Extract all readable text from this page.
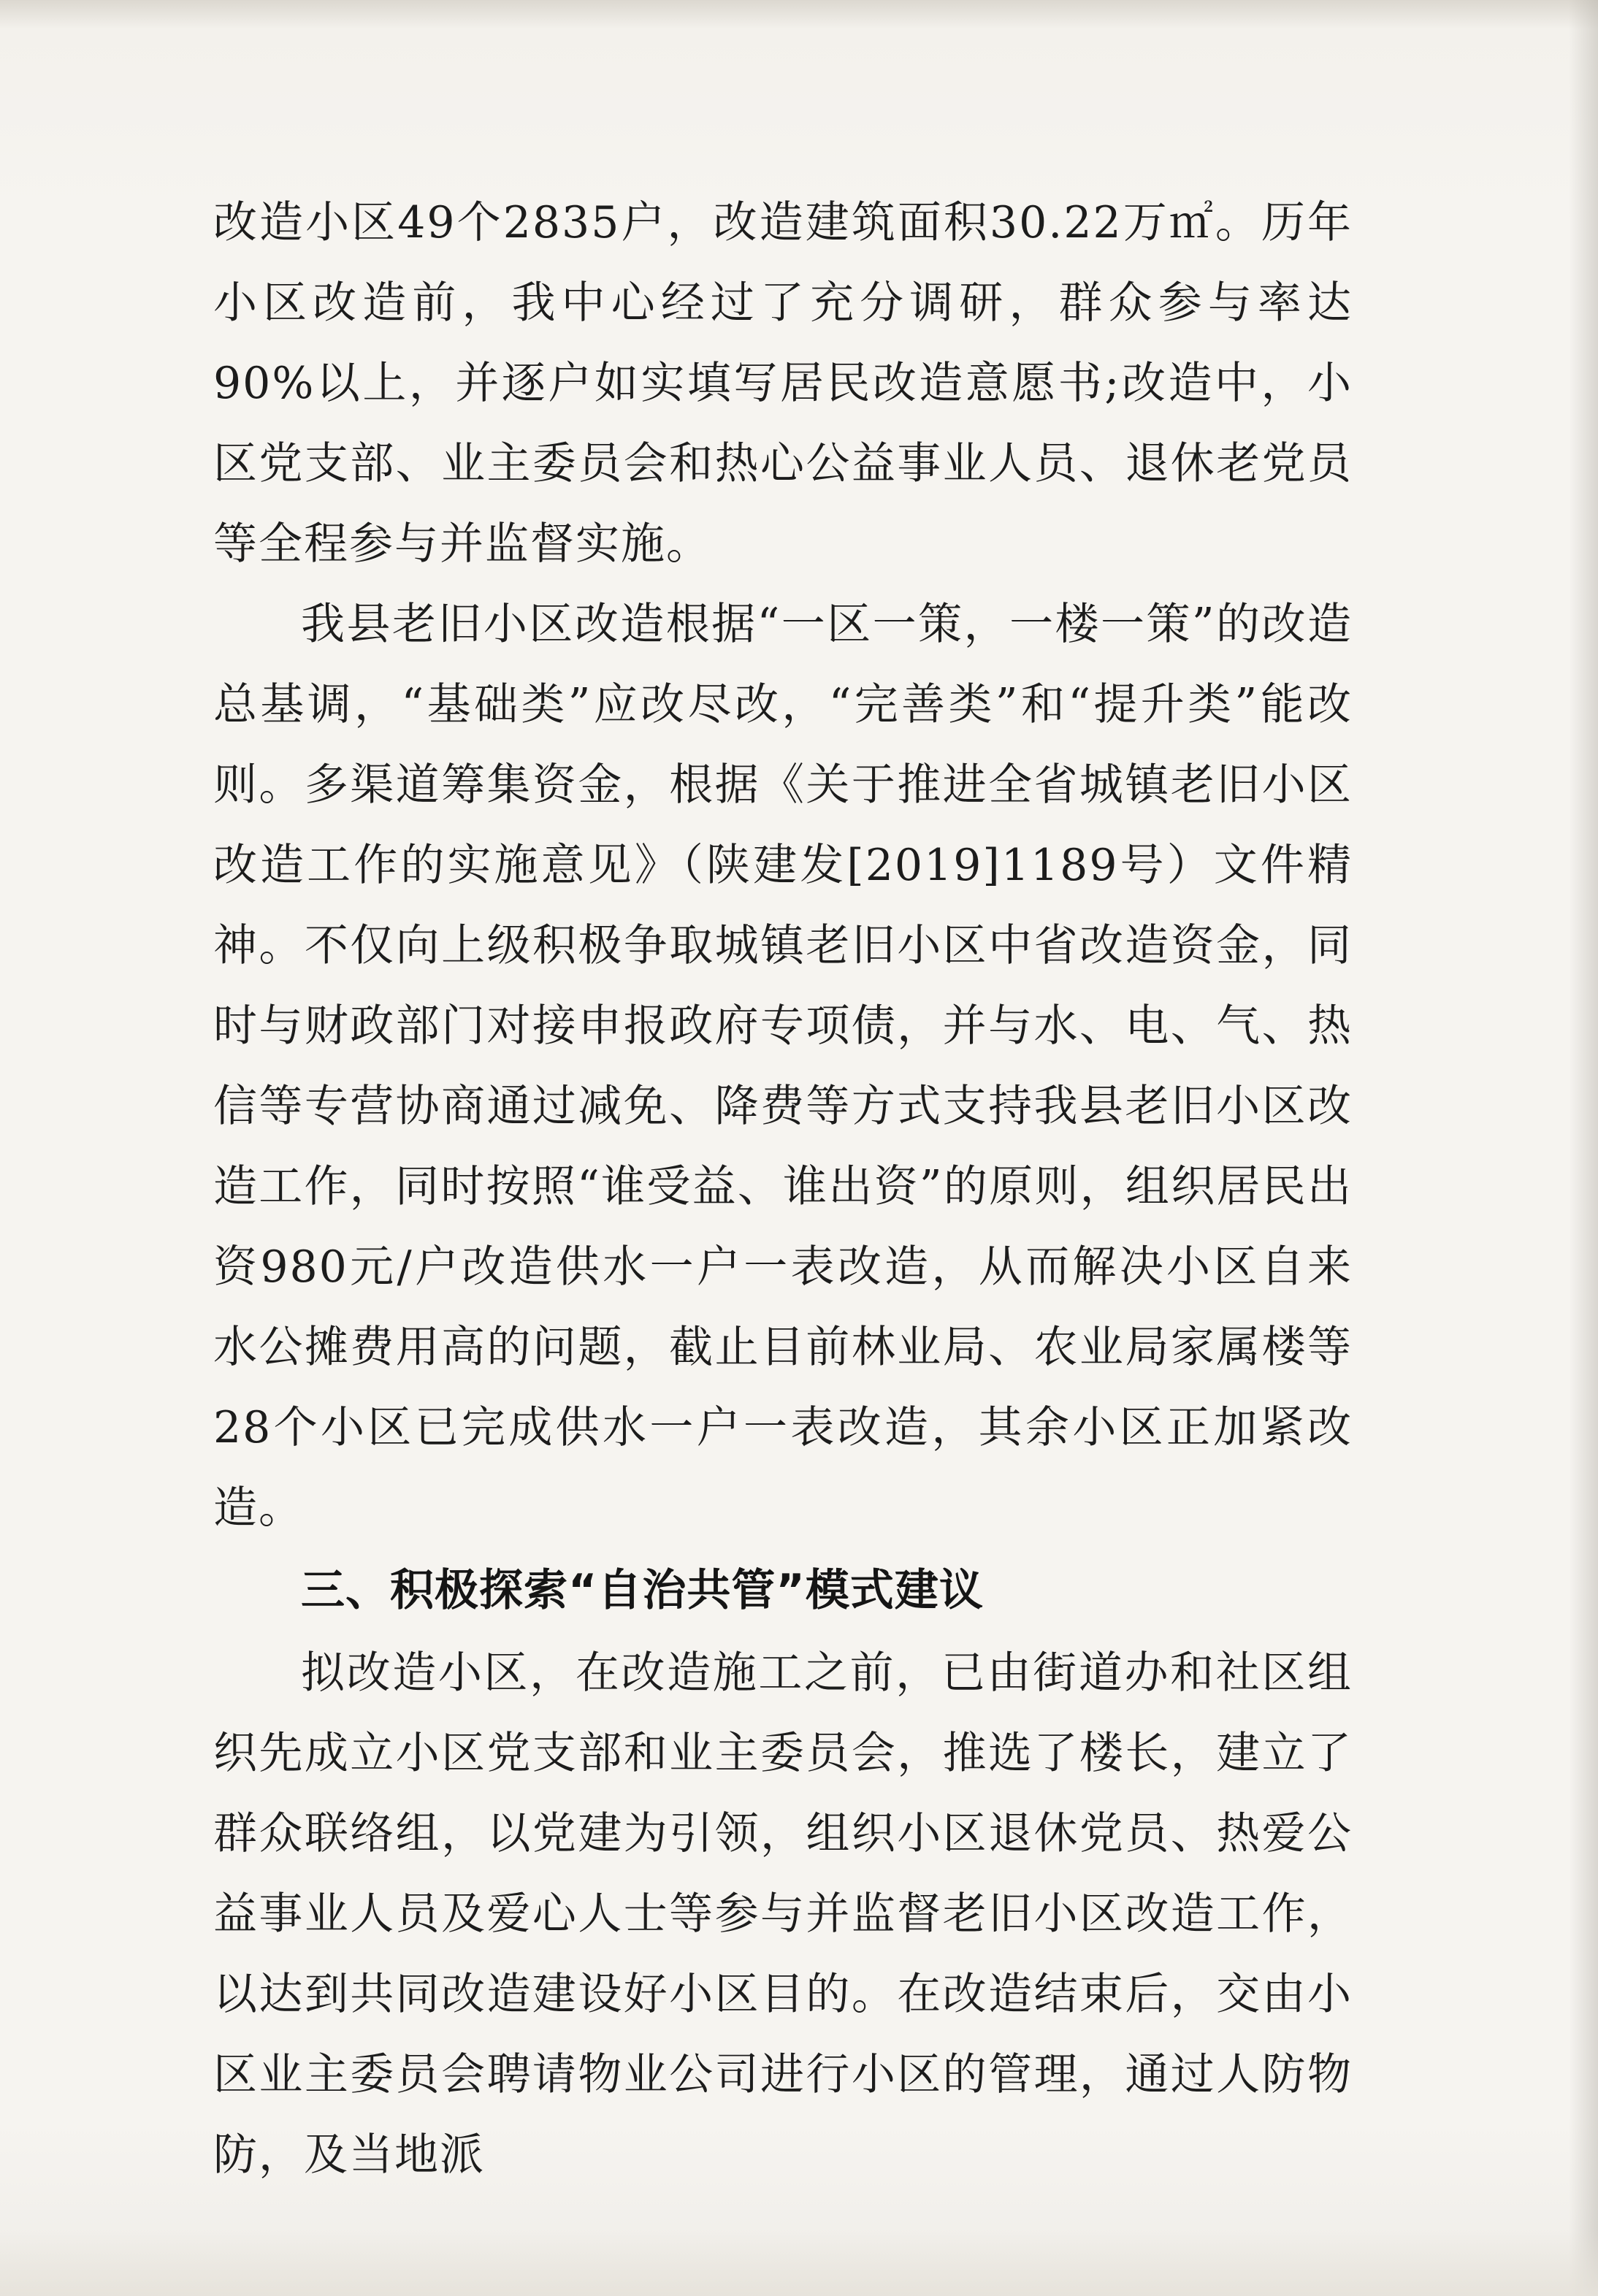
改造小区49个2835户，改造建筑面积30.22万㎡。历年小区改造前，我中心经过了充分调研，群众参与率达90%以上，并逐户如实填写居民改造意愿书;改造中，小区党支部、业主委员会和热心公益事业人员、退休老党员等全程参与并监督实施。

我县老旧小区改造根据“一区一策，一楼一策”的改造总基调，“基础类”应改尽改，“完善类”和“提升类”能改则。多渠道筹集资金，根据《关于推进全省城镇老旧小区改造工作的实施意见》（陕建发[2019]1189号）文件精神。不仅向上级积极争取城镇老旧小区中省改造资金，同时与财政部门对接申报政府专项债，并与水、电、气、热信等专营协商通过减免、降费等方式支持我县老旧小区改造工作，同时按照“谁受益、谁出资”的原则，组织居民出资980元/户改造供水一户一表改造，从而解决小区自来水公摊费用高的问题，截止目前林业局、农业局家属楼等28个小区已完成供水一户一表改造，其余小区正加紧改造。

三、积极探索“自治共管”模式建议

拟改造小区，在改造施工之前，已由街道办和社区组织先成立小区党支部和业主委员会，推选了楼长，建立了群众联络组，以党建为引领，组织小区退休党员、热爱公益事业人员及爱心人士等参与并监督老旧小区改造工作，以达到共同改造建设好小区目的。在改造结束后，交由小区业主委员会聘请物业公司进行小区的管理，通过人防物防，及当地派
